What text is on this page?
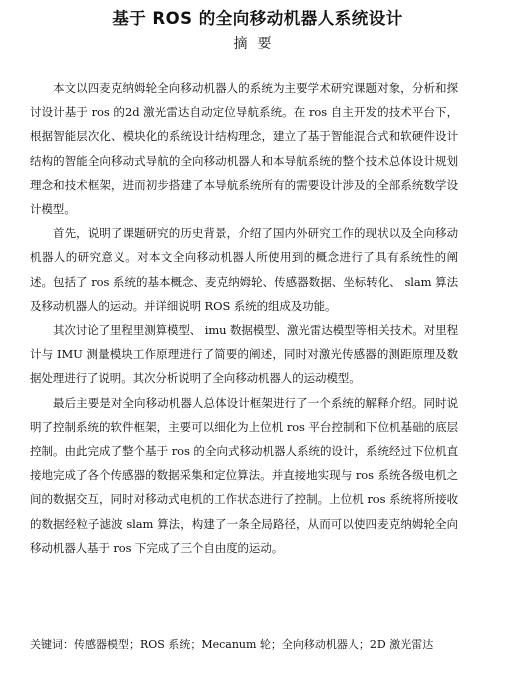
基于 ROS 的全向移动机器人系统设计
摘要

本文以四麦克纳姆轮全向移动机器人的系统为主要学术研究课题对象，分析和探讨设计基于 ros 的2d 激光雷达自动定位导航系统。在 ros 自主开发的技术平台下，根据智能层次化、模块化的系统设计结构理念，建立了基于智能混合式和软硬件设计结构的智能全向移动式导航的全向移动机器人和本导航系统的整个技术总体设计规划理念和技术框架，进而初步搭建了本导航系统所有的需要设计涉及的全部系统数学设计模型。

首先，说明了课题研究的历史背景，介绍了国内外研究工作的现状以及全向移动机器人的研究意义。对本文全向移动机器人所使用到的概念进行了具有系统性的阐述。包括了 ros 系统的基本概念、麦克纳姆轮、传感器数据、坐标转化、 slam 算法及移动机器人的运动。并详细说明 ROS 系统的组成及功能。

其次讨论了里程里测算模型、 imu 数据模型、激光雷达模型等相关技术。对里程计与 IMU 测量模块工作原理进行了简要的阐述，同时对激光传感器的测距原理及数据处理进行了说明。其次分析说明了全向移动机器人的运动模型。

最后主要是对全向移动机器人总体设计框架进行了一个系统的解释介绍。同时说明了控制系统的软件框架，主要可以细化为上位机 ros 平台控制和下位机基础的底层控制。由此完成了整个基于 ros 的全向式移动机器人系统的设计，系统经过下位机直接地完成了各个传感器的数据采集和定位算法。并直接地实现与 ros 系统各级电机之间的数据交互，同时对移动式电机的工作状态进行了控制。上位机 ros 系统将所接收的数据经粒子滤波 slam 算法，构建了一条全局路径，从而可以使四麦克纳姆轮全向移动机器人基于 ros 下完成了三个自由度的运动。

关键词：传感器模型；ROS 系统；Mecanum 轮；全向移动机器人；2D 激光雷达
